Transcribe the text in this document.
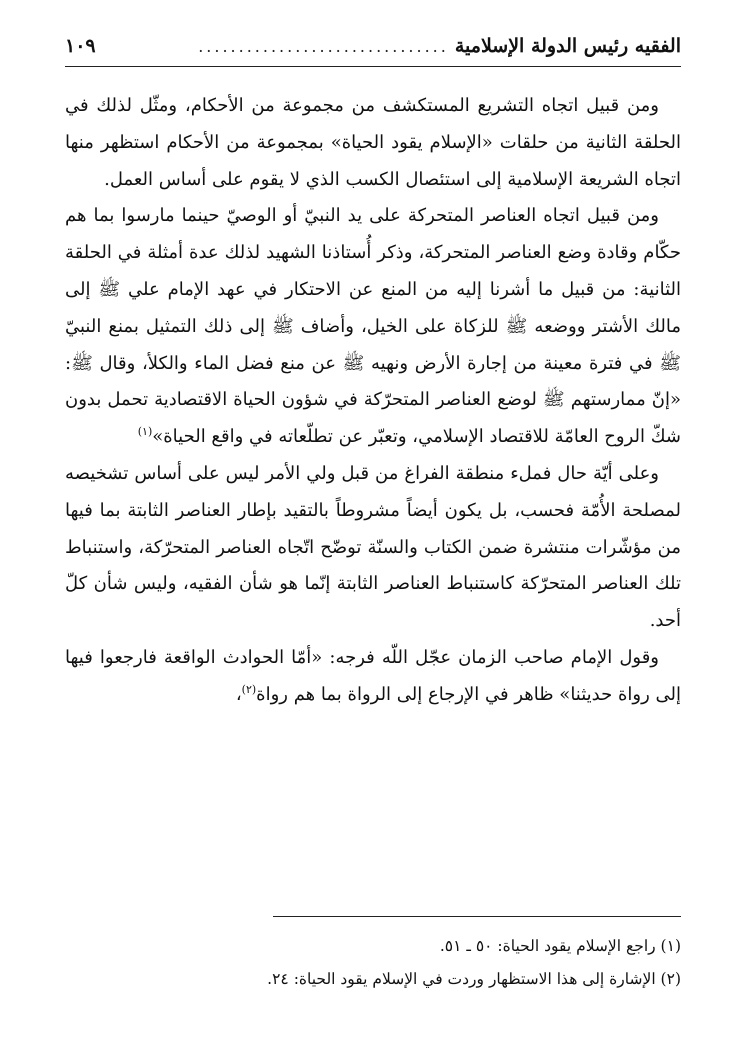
الفقيه رئيس الدولة الإسلامية
...............................
١٠٩

ومن قبيل اتجاه التشريع المستكشف من مجموعة من الأحكام، ومثّل لذلك في الحلقة الثانية من حلقات «الإسلام يقود الحياة» بمجموعة من الأحكام استظهر منها اتجاه الشريعة الإسلامية إلى استئصال الكسب الذي لا يقوم على أساس العمل.

ومن قبيل اتجاه العناصر المتحركة على يد النبيّ أو الوصيّ حينما مارسوا بما هم حكّام وقادة وضع العناصر المتحركة، وذكر أُستاذنا الشهيد لذلك عدة أمثلة في الحلقة الثانية: من قبيل ما أشرنا إليه من المنع عن الاحتكار في عهد الإمام علي ﷺ إلى مالك الأشتر ووضعه ﷺ للزكاة على الخيل، وأضاف ﷺ إلى ذلك التمثيل بمنع النبيّ ﷺ في فترة معينة من إجارة الأرض ونهيه ﷺ عن منع فضل الماء والكلأ، وقال ﷺ: «إنّ ممارستهم ﷺ لوضع العناصر المتحرّكة في شؤون الحياة الاقتصادية تحمل بدون شكّ الروح العامّة للاقتصاد الإسلامي، وتعبّر عن تطلّعاته في واقع الحياة»$^{(١)}$

وعلى أيّة حال فملء منطقة الفراغ من قبل ولي الأمر ليس على أساس تشخيصه لمصلحة الأُمّة فحسب، بل يكون أيضاً مشروطاً بالتقيد بإطار العناصر الثابتة بما فيها من مؤشّرات منتشرة ضمن الكتاب والسنّة توضّح اتّجاه العناصر المتحرّكة، واستنباط تلك العناصر المتحرّكة كاستنباط العناصر الثابتة إنّما هو شأن الفقيه، وليس شأن كلّ أحد.

وقول الإمام صاحب الزمان عجّل اللّه فرجه: «أمّا الحوادث الواقعة فارجعوا فيها إلى رواة حديثنا» ظاهر في الإرجاع إلى الرواة بما هم رواة$^{(٢)}$،

(١) راجع الإسلام يقود الحياة: ٥٠ ـ ٥١.

(٢) الإشارة إلى هذا الاستظهار وردت في الإسلام يقود الحياة: ٢٤.
